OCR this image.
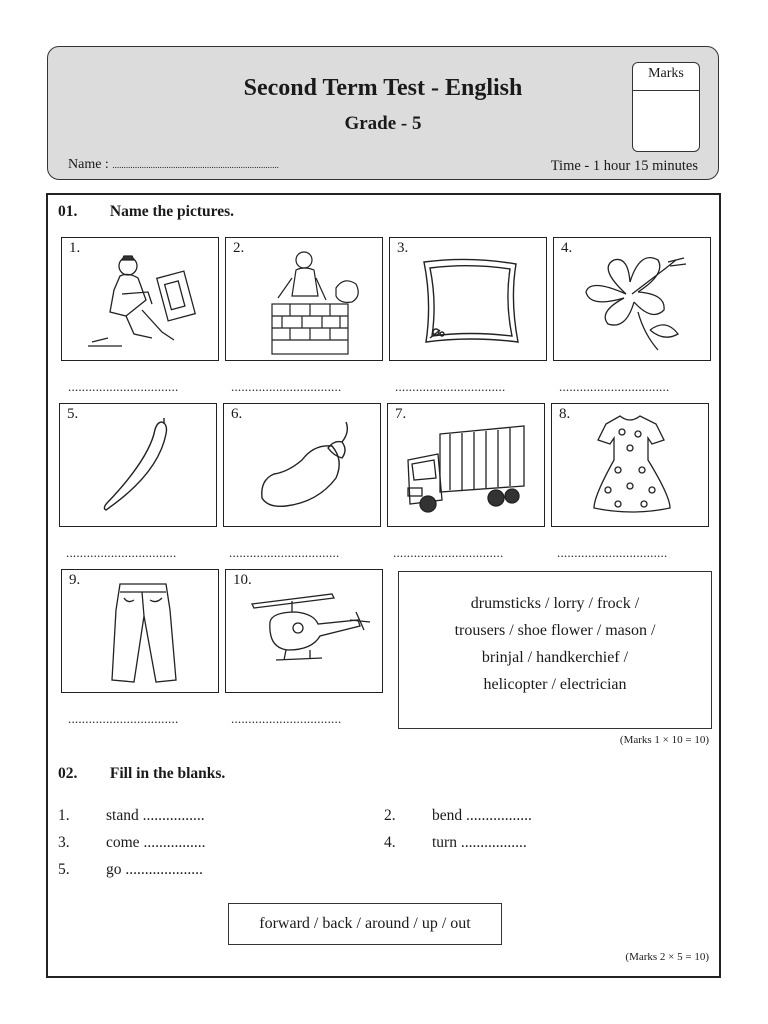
Second Term Test - English
Grade - 5
Name : ..........................................................................	Time - 1 hour 15 minutes
Marks
01. Name the pictures.
1.	2.	3.	4.
................................	................................	................................	................................
5.	6.	7.	8.
................................	................................	................................	................................
9.	10.
................................	................................
drumsticks / lorry / frock /
trousers / shoe flower / mason /
brinjal / handkerchief /
helicopter / electrician
(Marks 1 × 10 = 10)
02. Fill in the blanks.
1. stand ................	2. bend .................
3. come ................	4. turn .................
5. go ....................
forward / back / around / up / out
(Marks 2 × 5 = 10)
